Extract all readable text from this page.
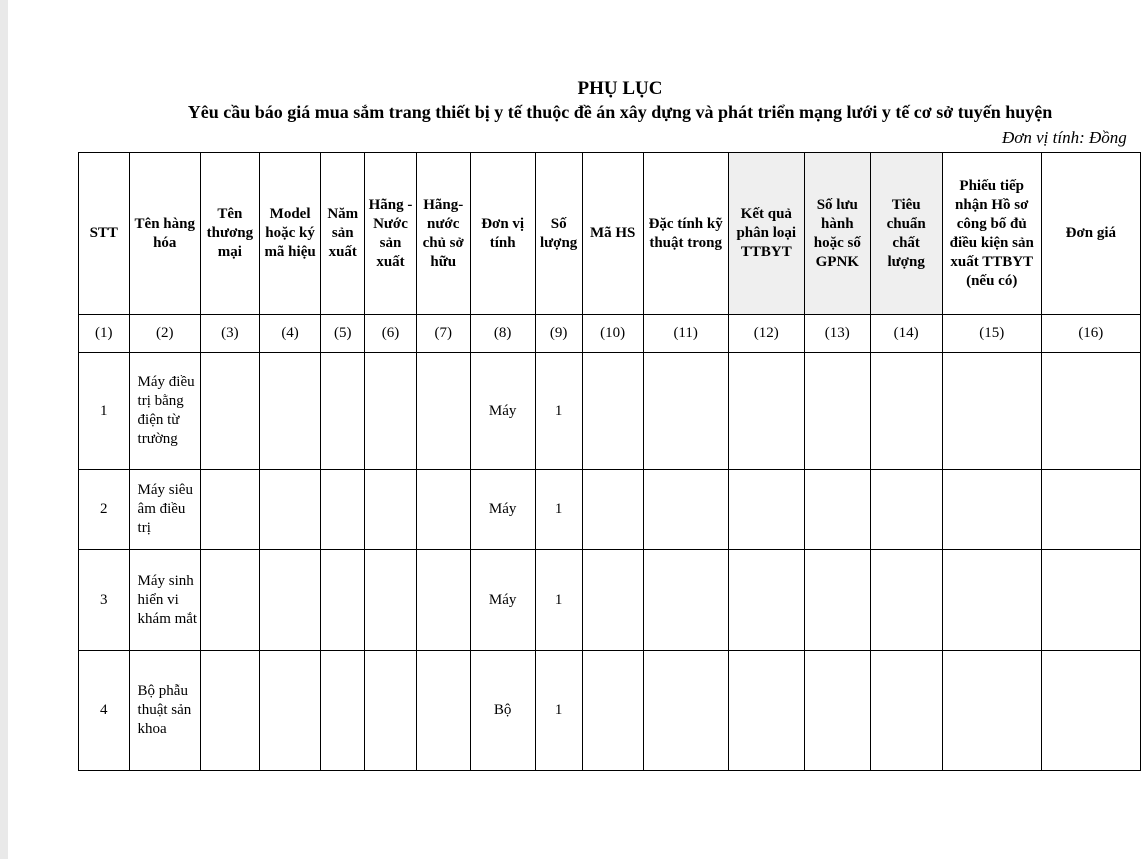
PHỤ LỤC
Yêu cầu báo giá mua sắm trang thiết bị y tế thuộc đề án xây dựng và phát triển mạng lưới y tế cơ sở tuyến huyện
Đơn vị tính: Đồng
STT	Tên hàng hóa	Tên thương mại	Model hoặc ký mã hiệu	Năm sản xuất	Hãng - Nước sản xuất	Hãng- nước chủ sở hữu	Đơn vị tính	Số lượng	Mã HS	Đặc tính kỹ thuật trong	Kết quả phân loại TTBYT	Số lưu hành hoặc số GPNK	Tiêu chuẩn chất lượng	Phiếu tiếp nhận Hồ sơ công bố đủ điều kiện sản xuất TTBYT (nếu có)	Đơn giá
(1)	(2)	(3)	(4)	(5)	(6)	(7)	(8)	(9)	(10)	(11)	(12)	(13)	(14)	(15)	(16)
1	Máy điều trị bằng điện từ trường						Máy	1							
2	Máy siêu âm điều trị						Máy	1							
3	Máy sinh hiển vi khám mắt						Máy	1							
4	Bộ phẫu thuật sản khoa						Bộ	1							
